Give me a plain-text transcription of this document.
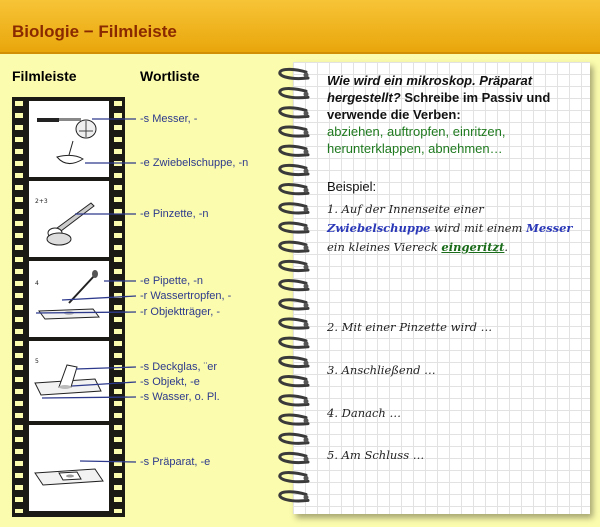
Biologie − Filmleiste
Filmleiste	Wortliste
2+3
4
5
-s Messer, -
-e Zwiebelschuppe, -n
-e Pinzette, -n
-e Pipette, -n
-r Wassertropfen, -
-r Objektträger, -
-s Deckglas, ¨er
-s Objekt, -e
-s Wasser, o. Pl.
-s Präparat, -e
Wie wird ein mikroskop. Präparat hergestellt? Schreibe im Passiv und verwende die Verben:
abziehen, auftropfen, einritzen, herunterklappen, abnehmen…
Beispiel:
1. Auf der Innenseite einer Zwiebelschuppe wird mit einem Messer ein kleines Viereck eingeritzt.
2. Mit einer Pinzette wird …
3. Anschließend …
4. Danach …
5. Am Schluss …
